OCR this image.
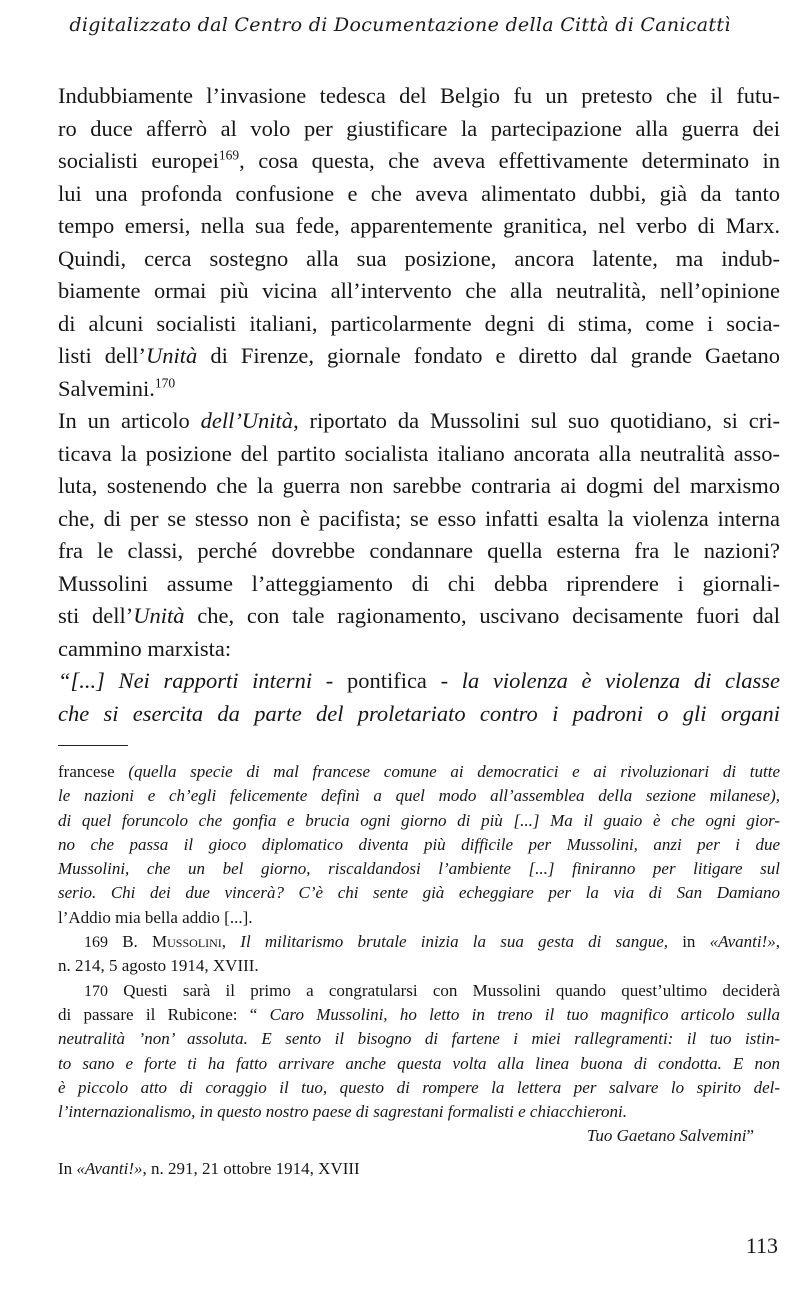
digitalizzato dal Centro di Documentazione della Città di Canicattì
Indubbiamente l’invasione tedesca del Belgio fu un pretesto che il futu-
ro duce afferrò al volo per giustificare la partecipazione alla guerra dei
socialisti europei$^{169}$, cosa questa, che aveva effettivamente determinato in
lui una profonda confusione e che aveva alimentato dubbi, già da tanto
tempo emersi, nella sua fede, apparentemente granitica, nel verbo di Marx.
Quindi, cerca sostegno alla sua posizione, ancora latente, ma indub-
biamente ormai più vicina all’intervento che alla neutralità, nell’opinione
di alcuni socialisti italiani, particolarmente degni di stima, come i socia-
listi dell’Unità di Firenze, giornale fondato e diretto dal grande Gaetano
Salvemini.$^{170}$
In un articolo dell’Unità, riportato da Mussolini sul suo quotidiano, si cri-
ticava la posizione del partito socialista italiano ancorata alla neutralità asso-
luta, sostenendo che la guerra non sarebbe contraria ai dogmi del marxismo
che, di per se stesso non è pacifista; se esso infatti esalta la violenza interna
fra le classi, perché dovrebbe condannare quella esterna fra le nazioni?
Mussolini assume l’atteggiamento di chi debba riprendere i giornali-
sti dell’Unità che, con tale ragionamento, uscivano decisamente fuori dal
cammino marxista:
“[...] Nei rapporti interni - pontifica - la violenza è violenza di classe
che si esercita da parte del proletariato contro i padroni o gli organi
francese (quella specie di mal francese comune ai democratici e ai rivoluzionari di tutte
le nazioni e ch’egli felicemente definì a quel modo all’assemblea della sezione milanese),
di quel foruncolo che gonfia e brucia ogni giorno di più [...] Ma il guaio è che ogni gior-
no che passa il gioco diplomatico diventa più difficile per Mussolini, anzi per i due
Mussolini, che un bel giorno, riscaldandosi l’ambiente [...] finiranno per litigare sul
serio. Chi dei due vincerà? C’è chi sente già echeggiare per la via di San Damiano
l’Addio mia bella addio [...].
169 B. Mussolini, Il militarismo brutale inizia la sua gesta di sangue, in «Avanti!»,
n. 214, 5 agosto 1914, XVIII.
170 Questi sarà il primo a congratularsi con Mussolini quando quest’ultimo deciderà
di passare il Rubicone: “ Caro Mussolini, ho letto in treno il tuo magnifico articolo sulla
neutralità ’non’ assoluta. E sento il bisogno di fartene i miei rallegramenti: il tuo istin-
to sano e forte ti ha fatto arrivare anche questa volta alla linea buona di condotta. E non
è piccolo atto di coraggio il tuo, questo di rompere la lettera per salvare lo spirito del-
l’internazionalismo, in questo nostro paese di sagrestani formalisti e chiacchieroni.
Tuo Gaetano Salvemini”
In «Avanti!», n. 291, 21 ottobre 1914, XVIII
113
